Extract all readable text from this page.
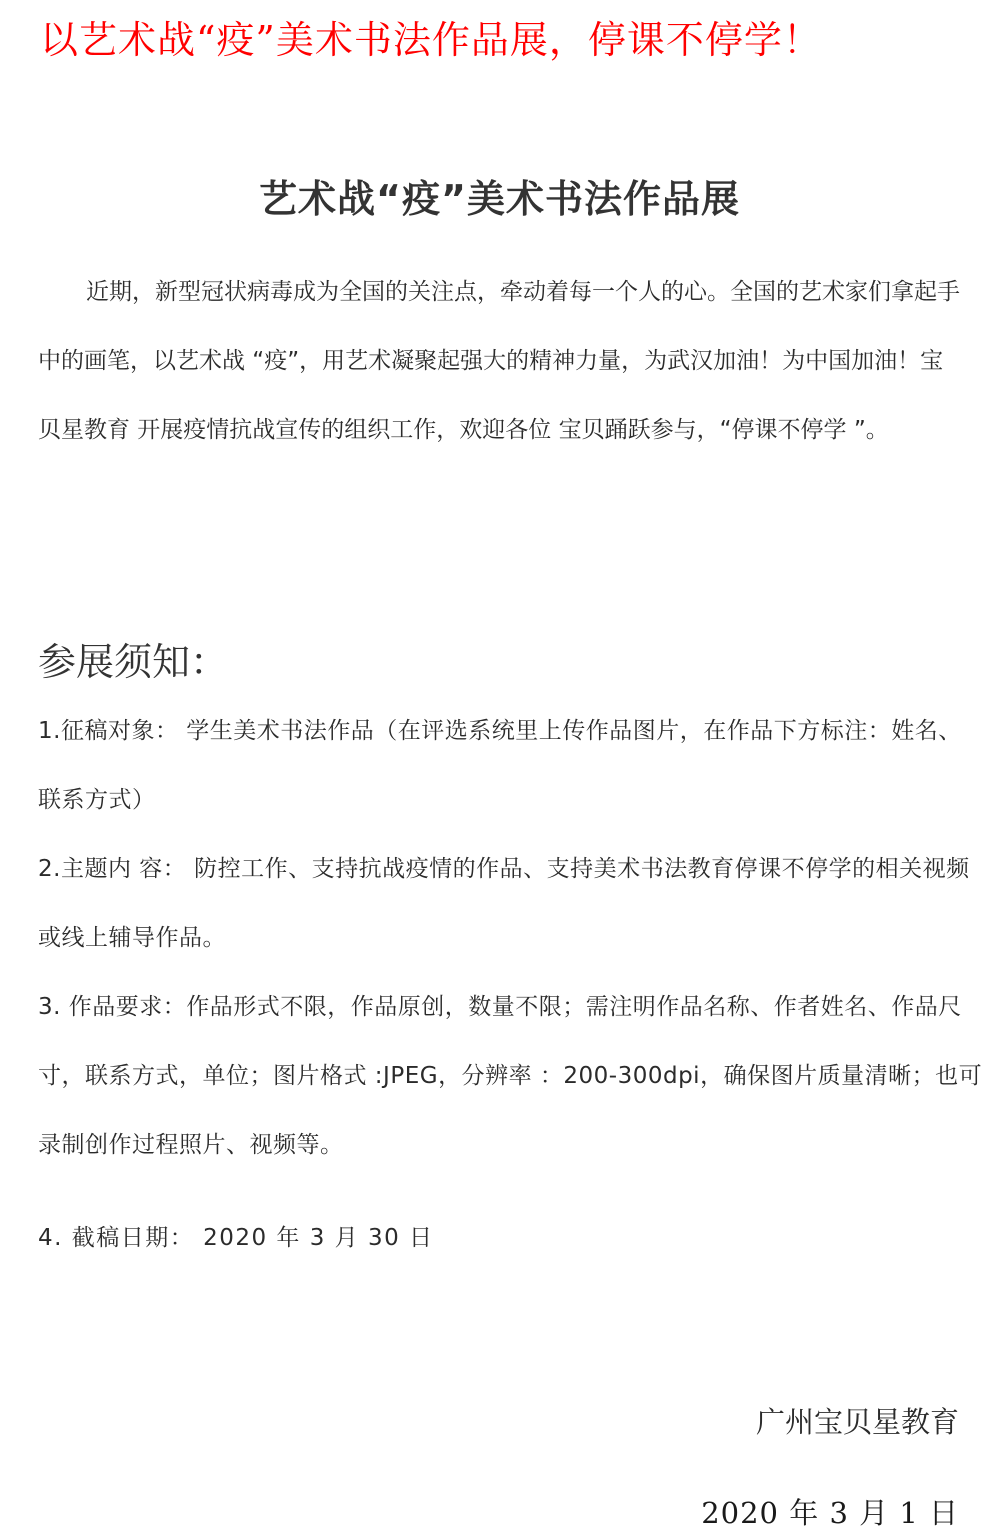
以艺术战“疫”美术书法作品展，停课不停学！
艺术战“疫”美术书法作品展

近期，新型冠状病毒成为全国的关注点，牵动着每一个人的心。全国的艺术家们拿起手中的画笔，以艺术战 “疫”，用艺术凝聚起强大的精神力量，为武汉加油！为中国加油！宝贝星教育 开展疫情抗战宣传的组织工作，欢迎各位 宝贝踊跃参与，“停课不停学 ”。

参展须知：

1.征稿对象： 学生美术书法作品（在评选系统里上传作品图片，在作品下方标注：姓名、联系方式）

2.主题内 容： 防控工作、支持抗战疫情的作品、支持美术书法教育停课不停学的相关视频或线上辅导作品。

3. 作品要求：作品形式不限，作品原创，数量不限；需注明作品名称、作者姓名、作品尺寸，联系方式，单位；图片格式 :JPEG，分辨率 ：200-300dpi，确保图片质量清晰；也可录制创作过程照片、视频等。

4. 截稿日期： 2020 年 3 月 30 日

广州宝贝星教育
2020 年 3 月 1 日
